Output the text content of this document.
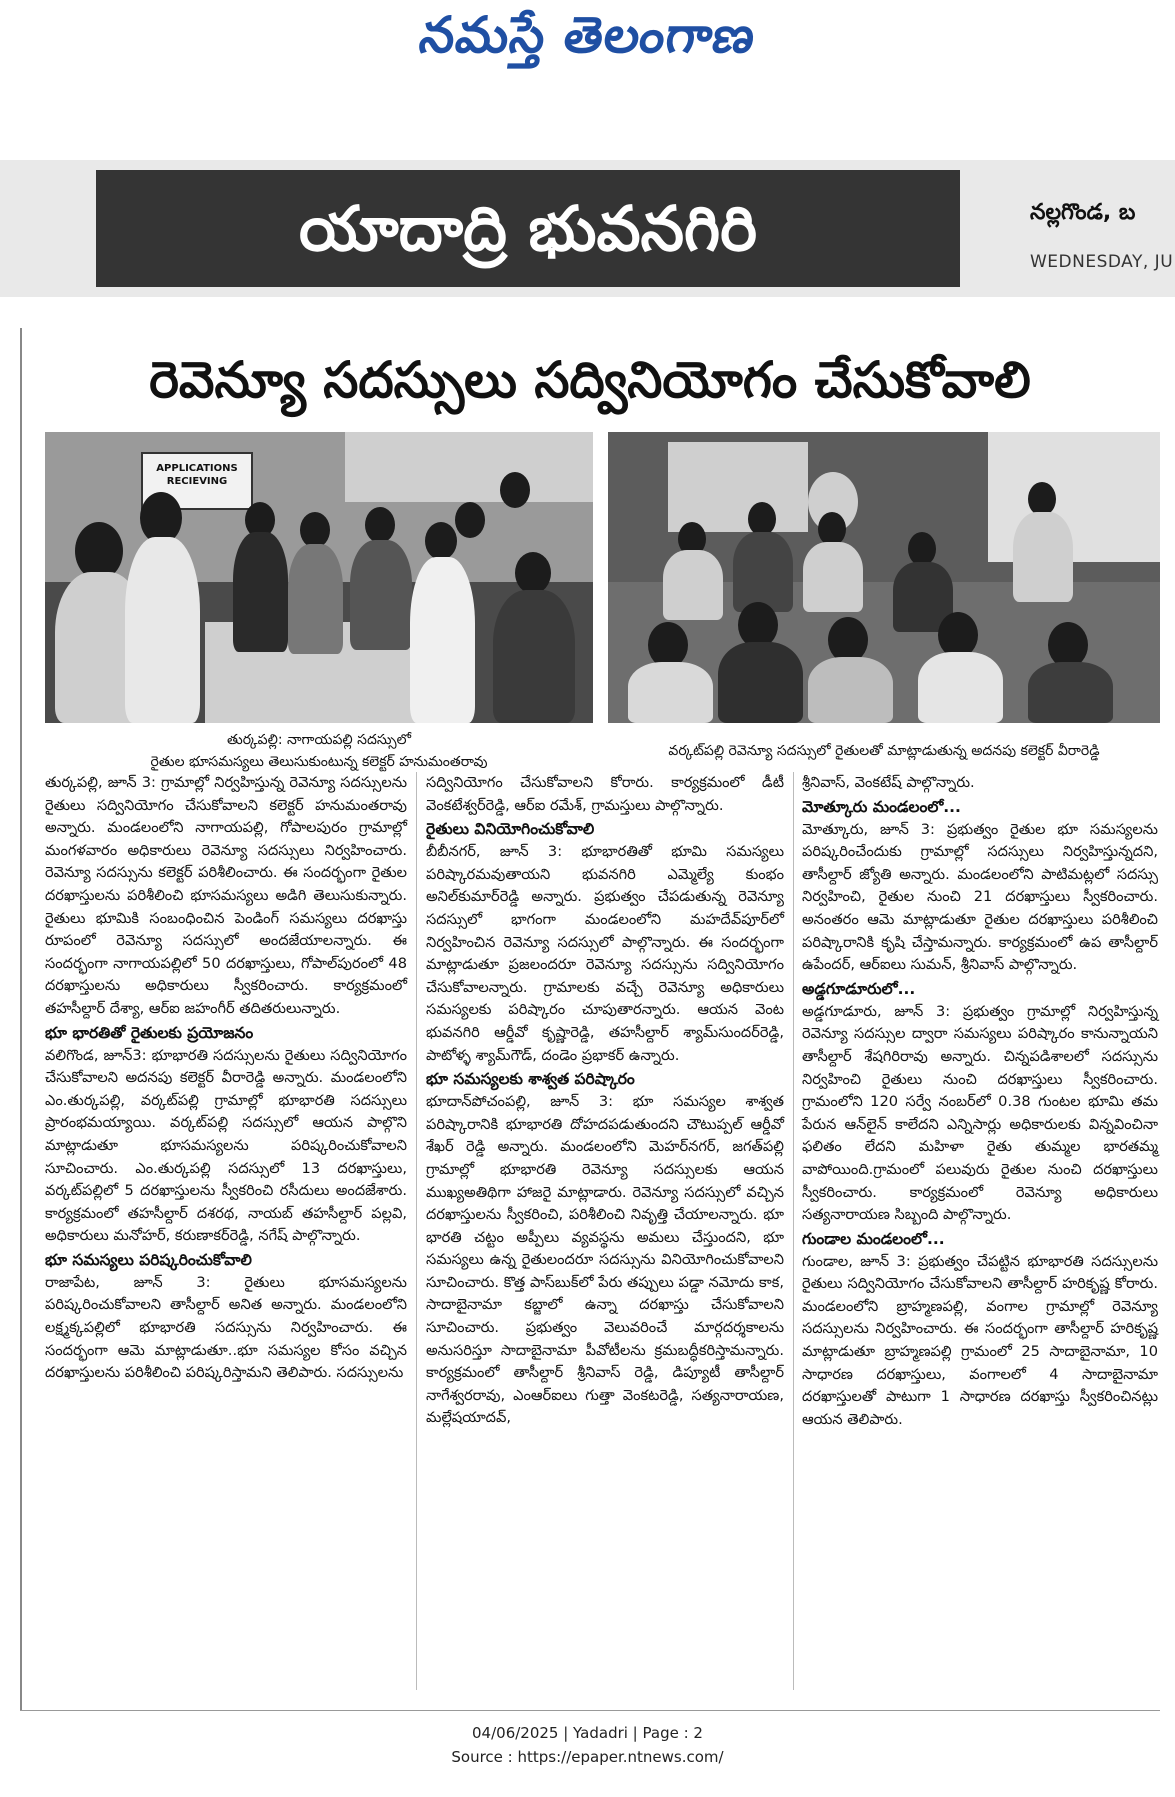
నమస్తే తెలంగాణ
యాదాద్రి భువనగిరి	నల్లగొండ, బ
WEDNESDAY, JU
రెవెన్యూ సదస్సులు సద్వినియోగం చేసుకోవాలి
APPLICATIONS
RECIEVING
తుర్కపల్లి: నాగాయపల్లి సదస్సులో
రైతుల భూసమస్యలు తెలుసుకుంటున్న కలెక్టర్ హనుమంతరావు
వర్కట్‌పల్లి రెవెన్యూ సదస్సులో రైతులతో మాట్లాడుతున్న అదనపు కలెక్టర్ వీరారెడ్డి

తుర్కపల్లి, జూన్ 3: గ్రామాల్లో నిర్వహిస్తున్న రెవెన్యూ సదస్సులను రైతులు సద్వినియోగం చేసుకోవాలని కలెక్టర్ హనుమంతరావు అన్నారు. మండలంలోని నాగాయపల్లి, గోపాలపురం గ్రామాల్లో మంగళవారం అధికారులు రెవెన్యూ సదస్సులు నిర్వహించారు. రెవెన్యూ సదస్సును కలెక్టర్ పరిశీలించారు. ఈ సందర్భంగా రైతుల దరఖాస్తులను పరిశీలించి భూసమస్యలు అడిగి తెలుసుకున్నారు. రైతులు భూమికి సంబంధించిన పెండింగ్ సమస్యలు దరఖాస్తు రూపంలో రెవెన్యూ సదస్సులో అందజేయాలన్నారు. ఈ సందర్భంగా నాగాయపల్లిలో 50 దరఖాస్తులు, గోపాల్‌పురంలో 48 దరఖాస్తులను అధికారులు స్వీకరించారు. కార్యక్రమంలో తహసీల్దార్ దేశ్యా, ఆర్ఐ జహంగీర్ తదితరులున్నారు.

భూ భారతితో రైతులకు ప్రయోజనం

వలిగొండ, జూన్3: భూభారతి సదస్సులను రైతులు సద్వినియోగం చేసుకోవాలని అదనపు కలెక్టర్ వీరారెడ్డి అన్నారు. మండలంలోని ఎం.తుర్కపల్లి, వర్కట్‌పల్లి గ్రామాల్లో భూభారతి సదస్సులు ప్రారంభమయ్యాయి. వర్కట్‌పల్లి సదస్సులో ఆయన పాల్గొని మాట్లాడుతూ భూసమస్యలను పరిష్కరించుకోవాలని సూచించారు. ఎం.తుర్కపల్లి సదస్సులో 13 దరఖాస్తులు, వర్కట్‌పల్లిలో 5 దరఖాస్తులను స్వీకరించి రసీదులు అందజేశారు. కార్యక్రమంలో తహసీల్దార్ దశరథ, నాయబ్ తహసీల్దార్ పల్లవి, అధికారులు మనోహర్, కరుణాకర్‌రెడ్డి, నగేష్ పాల్గొన్నారు.

భూ సమస్యలు పరిష్కరించుకోవాలి

రాజాపేట, జూన్ 3: రైతులు భూసమస్యలను పరిష్కరించుకోవాలని తాసీల్దార్ అనిత అన్నారు. మండలంలోని లక్ష్మక్కపల్లిలో భూభారతి సదస్సును నిర్వహించారు. ఈ సందర్భంగా ఆమె మాట్లాడుతూ..భూ సమస్యల కోసం వచ్చిన దరఖాస్తులను పరిశీలించి పరిష్కరిస్తామని తెలిపారు. సదస్సులను

సద్వినియోగం చేసుకోవాలని కోరారు. కార్యక్రమంలో డీటీ వెంకటేశ్వర్‌రెడ్డి, ఆర్ఐ రమేశ్, గ్రామస్తులు పాల్గొన్నారు.

రైతులు వినియోగించుకోవాలి

బీబీనగర్, జూన్ 3: భూభారతితో భూమి సమస్యలు పరిష్కారమవుతాయని భువనగిరి ఎమ్మెల్యే కుంభం అనిల్‌కుమార్‌రెడ్డి అన్నారు. ప్రభుత్వం చేపడుతున్న రెవెన్యూ సదస్సులో భాగంగా మండలంలోని మహదేవ్‌పూర్‌లో నిర్వహించిన రెవెన్యూ సదస్సులో పాల్గొన్నారు. ఈ సందర్భంగా మాట్లాడుతూ ప్రజలందరూ రెవెన్యూ సదస్సును సద్వినియోగం చేసుకోవాలన్నారు. గ్రామాలకు వచ్చే రెవెన్యూ అధికారులు సమస్యలకు పరిష్కారం చూపుతారన్నారు. ఆయన వెంట భువనగిరి ఆర్డీవో కృష్ణారెడ్డి, తహసీల్దార్ శ్యామ్‌సుందర్‌రెడ్డి, పాటోళ్ళ శ్యామ్‌గౌడ్, దండెం ప్రభాకర్ ఉన్నారు.

భూ సమస్యలకు శాశ్వత పరిష్కారం

భూదాన్‌పోచంపల్లి, జూన్ 3: భూ సమస్యల శాశ్వత పరిష్కారానికి భూభారతి దోహదపడుతుందని చౌటుప్పల్ ఆర్డీవో శేఖర్ రెడ్డి అన్నారు. మండలంలోని మెహర్‌నగర్, జగత్‌పల్లి గ్రామాల్లో భూభారతి రెవెన్యూ సదస్సులకు ఆయన ముఖ్యఅతిథిగా హాజరై మాట్లాడారు. రెవెన్యూ సదస్సులో వచ్చిన దరఖాస్తులను స్వీకరించి, పరిశీలించి నివృత్తి చేయాలన్నారు. భూ భారతి చట్టం అప్పీలు వ్యవస్థను అమలు చేస్తుందని, భూ సమస్యలు ఉన్న రైతులందరూ సదస్సును వినియోగించుకోవాలని సూచించారు. కొత్త పాస్‌బుక్‌లో పేరు తప్పులు పడ్డా నమోదు కాక, సాదాబైనామా కబ్జాలో ఉన్నా దరఖాస్తు చేసుకోవాలని సూచించారు. ప్రభుత్వం వెలువరించే మార్గదర్శకాలను అనుసరిస్తూ సాదాబైనామా పీవోటీలను క్రమబద్ధీకరిస్తామన్నారు. కార్యక్రమంలో తాసీల్దార్ శ్రీనివాస్ రెడ్డి, డిప్యూటీ తాసీల్దార్ నాగేశ్వరరావు, ఎంఆర్ఐలు గుత్తా వెంకటరెడ్డి, సత్యనారాయణ, మల్లేషయాదవ్,

శ్రీనివాస్, వెంకటేష్ పాల్గొన్నారు.

మోత్కూరు మండలంలో...

మోత్కూరు, జూన్ 3: ప్రభుత్వం రైతుల భూ సమస్యలను పరిష్కరించేందుకు గ్రామాల్లో సదస్సులు నిర్వహిస్తున్నదని, తాసీల్దార్ జ్యోతి అన్నారు. మండలంలోని పాటిమట్లలో సదస్సు నిర్వహించి, రైతుల నుంచి 21 దరఖాస్తులు స్వీకరించారు. అనంతరం ఆమె మాట్లాడుతూ రైతుల దరఖాస్తులు పరిశీలించి పరిష్కారానికి కృషి చేస్తామన్నారు. కార్యక్రమంలో ఉప తాసీల్దార్ ఉపేందర్, ఆర్ఐలు సుమన్, శ్రీనివాస్ పాల్గొన్నారు.

అడ్డగూడూరులో...

అడ్డగూడూరు, జూన్ 3: ప్రభుత్వం గ్రామాల్లో నిర్వహిస్తున్న రెవెన్యూ సదస్సుల ద్వారా సమస్యలు పరిష్కారం కానున్నాయని తాసీల్దార్ శేషగిరిరావు అన్నారు. చిన్నపడిశాలలో సదస్సును నిర్వహించి రైతులు నుంచి దరఖాస్తులు స్వీకరించారు. గ్రామంలోని 120 సర్వే నంబర్‌లో 0.38 గుంటల భూమి తమ పేరున ఆన్‌లైన్ కాలేదని ఎన్నిసార్లు అధికారులకు విన్నవించినా ఫలితం లేదని మహిళా రైతు తుమ్మల భారతమ్మ వాపోయింది.గ్రామంలో పలువురు రైతుల నుంచి దరఖాస్తులు స్వీకరించారు. కార్యక్రమంలో రెవెన్యూ అధికారులు సత్యనారాయణ సిబ్బంది పాల్గొన్నారు.

గుండాల మండలంలో...

గుండాల, జూన్ 3: ప్రభుత్వం చేపట్టిన భూభారతి సదస్సులను రైతులు సద్వినియోగం చేసుకోవాలని తాసీల్దార్ హరికృష్ణ కోరారు. మండలంలోని బ్రాహ్మణపల్లి, వంగాల గ్రామాల్లో రెవెన్యూ సదస్సులను నిర్వహించారు. ఈ సందర్భంగా తాసీల్దార్ హరికృష్ణ మాట్లాడుతూ బ్రాహ్మణపల్లి గ్రామంలో 25 సాదాబైనామా, 10 సాధారణ దరఖాస్తులు, వంగాలలో 4 సాదాబైనామా దరఖాస్తులతో పాటుగా 1 సాధారణ దరఖాస్తు స్వీకరించినట్లు ఆయన తెలిపారు.

04/06/2025 | Yadadri | Page : 2
Source : https://epaper.ntnews.com/
